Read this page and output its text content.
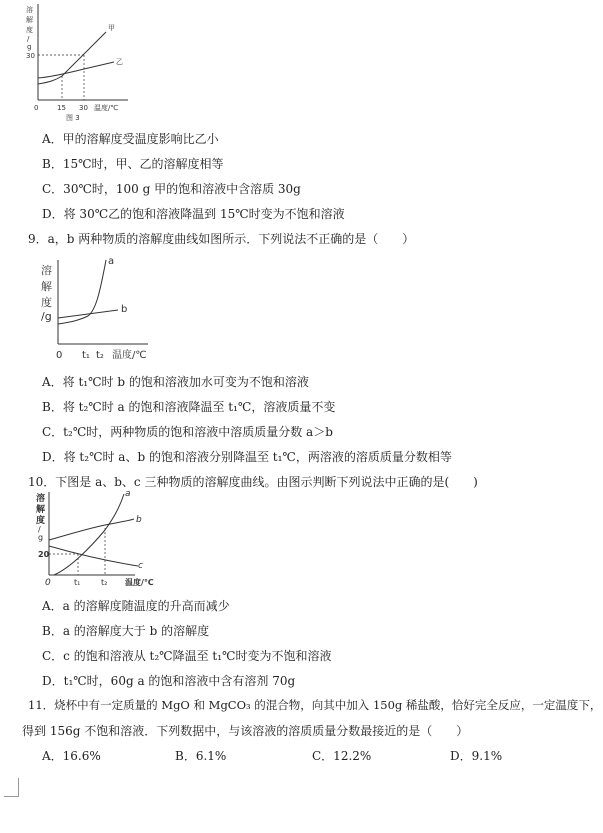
溶
解
度
/
g
30
甲
乙
0	15 30 温度/℃
图 3
A．甲的溶解度受温度影响比乙小
B．15℃时，甲、乙的溶解度相等
C．30℃时，100 g 甲的饱和溶液中含溶质 30g
D．将 30℃乙的饱和溶液降温到 15℃时变为不饱和溶液
9．a，b 两种物质的溶解度曲线如图所示．下列说法不正确的是（　　）
溶
解
度
/g
a
b
0 t₁ t₂ 温度/℃
A．将 t₁℃时 b 的饱和溶液加水可变为不饱和溶液
B．将 t₂℃时 a 的饱和溶液降温至 t₁℃，溶液质量不变
C．t₂℃时，两种物质的饱和溶液中溶质质量分数 a＞b
D．将 t₂℃时 a、b 的饱和溶液分别降温至 t₁℃，两溶液的溶质质量分数相等
10．下图是 a、b、c 三种物质的溶解度曲线。由图示判断下列说法中正确的是(　　)
溶
解
度
/
g
20
a
b
c
0	t₁	t₂ 温度/℃
A．a 的溶解度随温度的升高而减少
B．a 的溶解度大于 b 的溶解度
C．c 的饱和溶液从 t₂℃降温至 t₁℃时变为不饱和溶液
D．t₁℃时，60g a 的饱和溶液中含有溶剂 70g
11．烧杯中有一定质量的 MgO 和 MgCO₃ 的混合物，向其中加入 150g 稀盐酸，恰好完全反应，一定温度下，
得到 156g 不饱和溶液．下列数据中，与该溶液的溶质质量分数最接近的是（　　）
A．16.6%	B．6.1%	C．12.2%	D．9.1%
